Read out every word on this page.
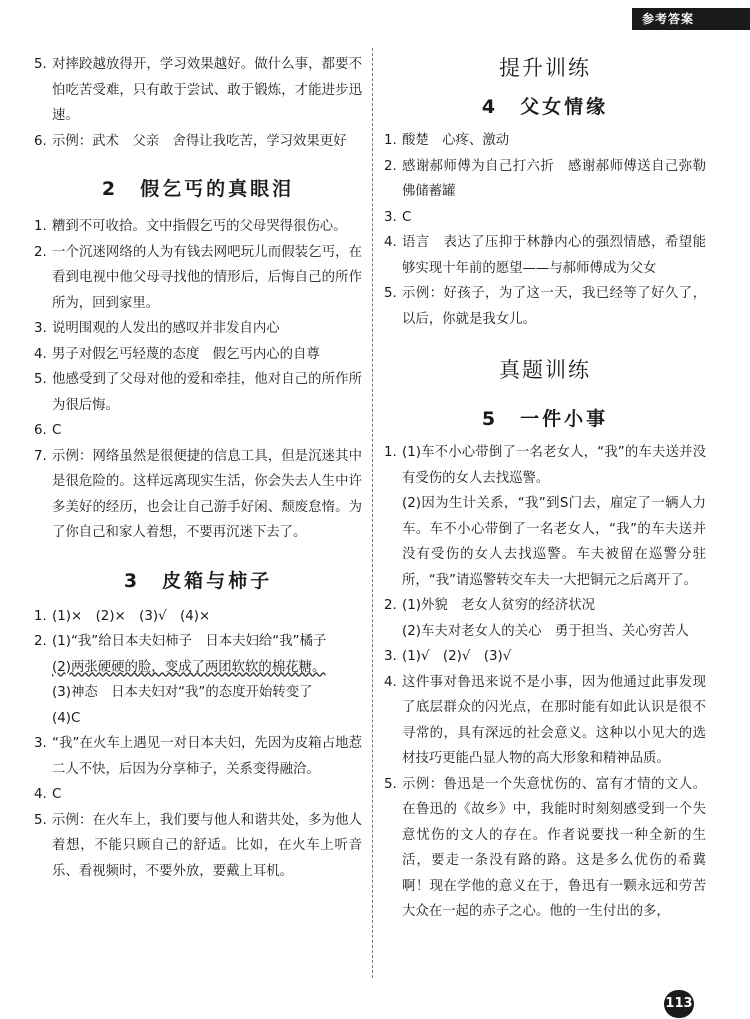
参考答案
5. 对摔跤越放得开，学习效果越好。做什么事，都要不怕吃苦受难，只有敢于尝试、敢于锻炼，才能进步迅速。
6. 示例：武术　父亲　舍得让我吃苦，学习效果更好
2　假乞丐的真眼泪
1. 糟到不可收拾。文中指假乞丐的父母哭得很伤心。
2. 一个沉迷网络的人为有钱去网吧玩儿而假装乞丐，在看到电视中他父母寻找他的情形后，后悔自己的所作所为，回到家里。
3. 说明围观的人发出的感叹并非发自内心
4. 男子对假乞丐轻蔑的态度　假乞丐内心的自尊
5. 他感受到了父母对他的爱和牵挂，他对自己的所作所为很后悔。
6. C
7. 示例：网络虽然是很便捷的信息工具，但是沉迷其中是很危险的。这样远离现实生活，你会失去人生中许多美好的经历，也会让自己游手好闲、颓废怠惰。为了你自己和家人着想，不要再沉迷下去了。
3　皮箱与柿子
1. (1)×　(2)×　(3)√　(4)×
2. (1)“我”给日本夫妇柿子　日本夫妇给“我”橘子
(2)两张硬硬的脸，变成了两团软软的棉花糖。
(3)神态　日本夫妇对“我”的态度开始转变了
(4)C
3. “我”在火车上遇见一对日本夫妇，先因为皮箱占地惹二人不快，后因为分享柿子，关系变得融洽。
4. C
5. 示例：在火车上，我们要与他人和谐共处，多为他人着想，不能只顾自己的舒适。比如，在火车上听音乐、看视频时，不要外放，要戴上耳机。
提升训练
4　父女情缘
1. 酸楚　心疼、激动
2. 感谢郝师傅为自己打六折　感谢郝师傅送自己弥勒佛储蓄罐
3. C
4. 语言　表达了压抑于林静内心的强烈情感，希望能够实现十年前的愿望——与郝师傅成为父女
5. 示例：好孩子，为了这一天，我已经等了好久了，以后，你就是我女儿。
真题训练
5　一件小事
1. (1)车不小心带倒了一名老女人，“我”的车夫送并没有受伤的女人去找巡警。
(2)因为生计关系，“我”到S门去，雇定了一辆人力车。车不小心带倒了一名老女人，“我”的车夫送并没有受伤的女人去找巡警。车夫被留在巡警分驻所，“我”请巡警转交车夫一大把铜元之后离开了。
2. (1)外貌　老女人贫穷的经济状况
(2)车夫对老女人的关心　勇于担当、关心穷苦人
3. (1)√　(2)√　(3)√
4. 这件事对鲁迅来说不是小事，因为他通过此事发现了底层群众的闪光点，在那时能有如此认识是很不寻常的，具有深远的社会意义。这种以小见大的选材技巧更能凸显人物的高大形象和精神品质。
5. 示例：鲁迅是一个失意忧伤的、富有才情的文人。在鲁迅的《故乡》中，我能时时刻刻感受到一个失意忧伤的文人的存在。作者说要找一种全新的生活，要走一条没有路的路。这是多么优伤的希冀啊！现在学他的意义在于，鲁迅有一颗永远和劳苦大众在一起的赤子之心。他的一生付出的多，
113
